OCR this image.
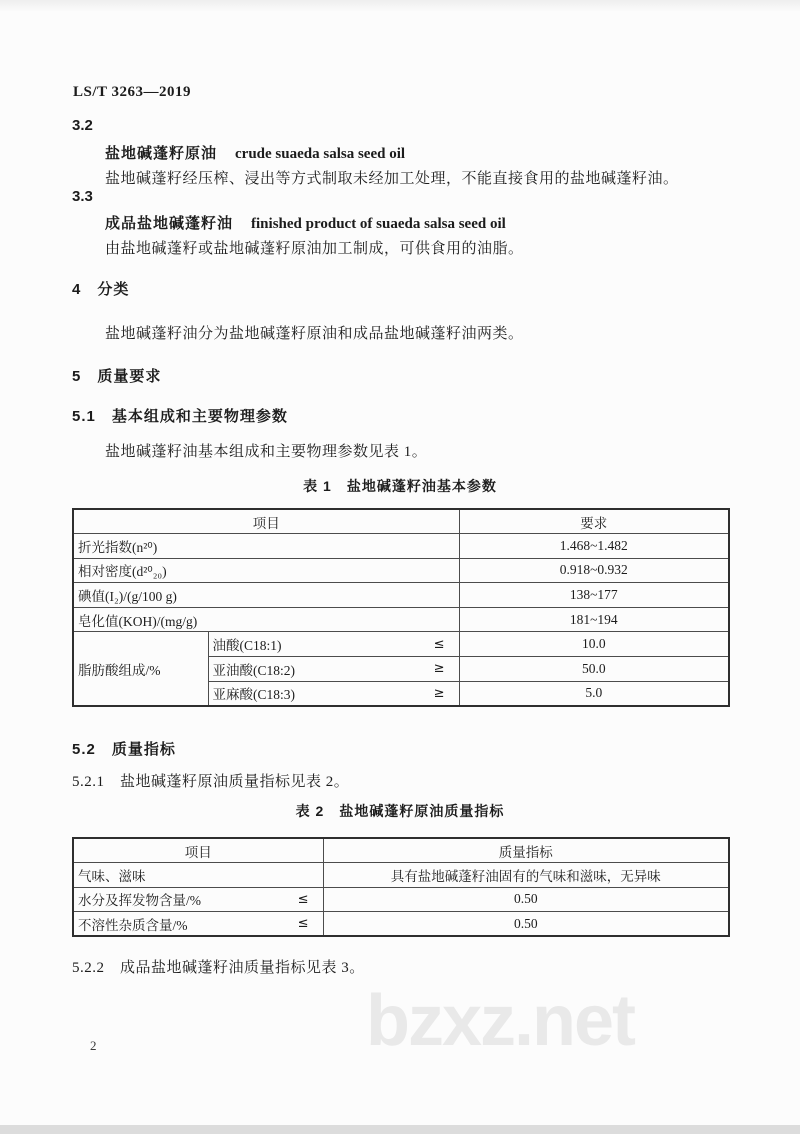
LS/T 3263—2019
3.2
盐地碱蓬籽原油 crude suaeda salsa seed oil
盐地碱蓬籽经压榨、浸出等方式制取未经加工处理，不能直接食用的盐地碱蓬籽油。
3.3
成品盐地碱蓬籽油 finished product of suaeda salsa seed oil
由盐地碱蓬籽或盐地碱蓬籽原油加工制成，可供食用的油脂。
4　分类
盐地碱蓬籽油分为盐地碱蓬籽原油和成品盐地碱蓬籽油两类。
5　质量要求
5.1　基本组成和主要物理参数
盐地碱蓬籽油基本组成和主要物理参数见表 1。
表 1　盐地碱蓬籽油基本参数
项目		要求
折光指数(n²⁰)		1.468~1.482
相对密度(d²⁰₂₀)		0.918~0.932
碘值(I₂)/(g/100 g)		138~177
皂化值(KOH)/(mg/g)		181~194
脂肪酸组成/%	油酸(C18:1) ≤	10.0

	亚油酸(C18:2) ≥	50.0

	亚麻酸(C18:3) ≥	5.0
5.2　质量指标
5.2.1　盐地碱蓬籽原油质量指标见表 2。
表 2　盐地碱蓬籽原油质量指标
项目	质量指标
气味、滋味	具有盐地碱蓬籽油固有的气味和滋味，无异味

水分及挥发物含量/% ≤	0.50

不溶性杂质含量/% ≤	0.50
5.2.2　成品盐地碱蓬籽油质量指标见表 3。
bzxz.net
2
